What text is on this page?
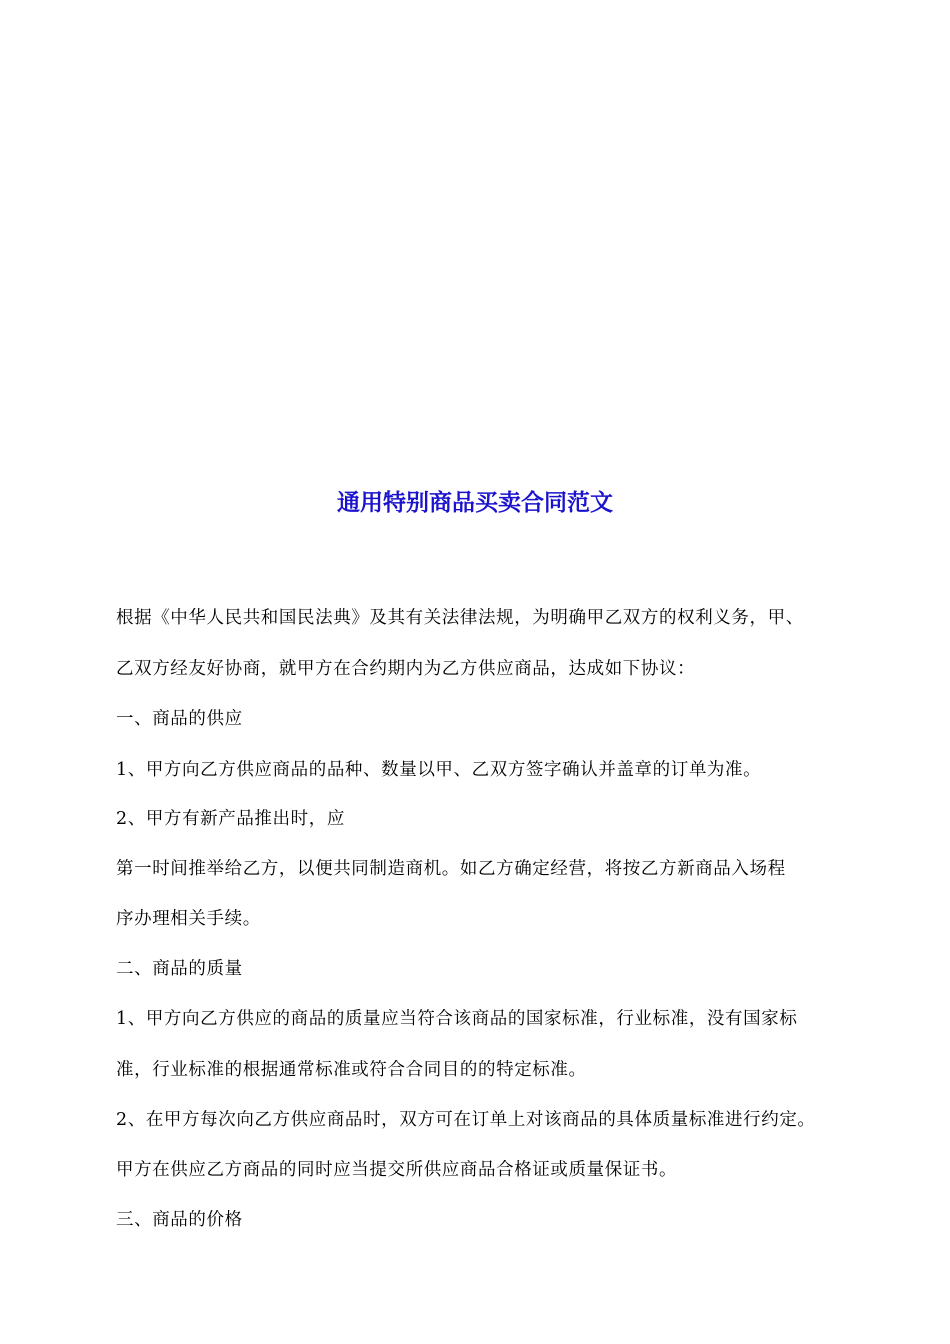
通用特别商品买卖合同范文

根据《中华人民共和国民法典》及其有关法律法规，为明确甲乙双方的权利义务，甲、

乙双方经友好协商，就甲方在合约期内为乙方供应商品，达成如下协议：

一、商品的供应

1、甲方向乙方供应商品的品种、数量以甲、乙双方签字确认并盖章的订单为准。

2、甲方有新产品推出时，应

第一时间推举给乙方，以便共同制造商机。如乙方确定经营，将按乙方新商品入场程

序办理相关手续。

二、商品的质量

1、甲方向乙方供应的商品的质量应当符合该商品的国家标准，行业标准，没有国家标

准，行业标准的根据通常标准或符合合同目的的特定标准。

2、在甲方每次向乙方供应商品时，双方可在订单上对该商品的具体质量标准进行约定。

甲方在供应乙方商品的同时应当提交所供应商品合格证或质量保证书。

三、商品的价格
